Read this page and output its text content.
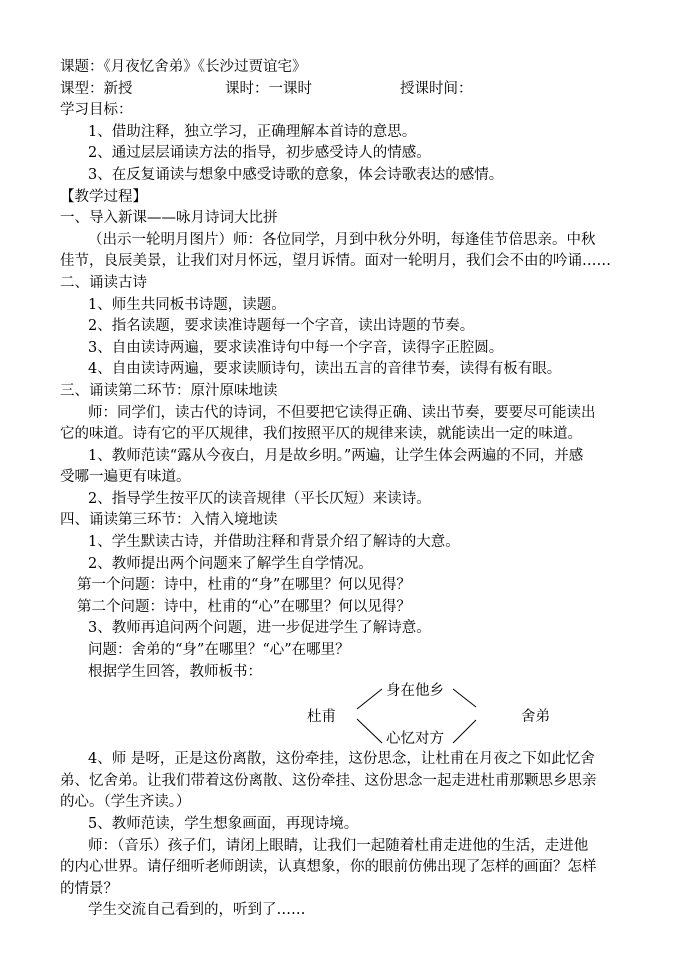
课题：《月夜忆舍弟》《长沙过贾谊宅》
课型：新授	课时：一课时	授课时间：
学习目标：
1、借助注释，独立学习，正确理解本首诗的意思。
2、通过层层诵读方法的指导，初步感受诗人的情感。
3、在反复诵读与想象中感受诗歌的意象，体会诗歌表达的感情。
【教学过程】
一、导入新课——咏月诗词大比拼
（出示一轮明月图片）师：各位同学，月到中秋分外明，每逢佳节倍思亲。中秋
佳节，良辰美景，让我们对月怀远，望月诉情。面对一轮明月，我们会不由的吟诵……
二、诵读古诗
1、师生共同板书诗题，读题。
2、指名读题，要求读准诗题每一个字音，读出诗题的节奏。
3、自由读诗两遍，要求读准诗句中每一个字音，读得字正腔圆。
4、自由读诗两遍，要求读顺诗句，读出五言的音律节奏，读得有板有眼。
三、诵读第二环节：原汁原味地读
师：同学们，读古代的诗词，不但要把它读得正确、读出节奏，要要尽可能读出
它的味道。诗有它的平仄规律，我们按照平仄的规律来读，就能读出一定的味道。
1、教师范读“露从今夜白，月是故乡明。”两遍，让学生体会两遍的不同，并感
受哪一遍更有味道。
2、指导学生按平仄的读音规律（平长仄短）来读诗。
四、诵读第三环节：入情入境地读
1、学生默读古诗，并借助注释和背景介绍了解诗的大意。
2、教师提出两个问题来了解学生自学情况。
第一个问题：诗中，杜甫的“身”在哪里？何以见得？
第二个问题：诗中，杜甫的“心”在哪里？何以见得？
3、教师再追问两个问题，进一步促进学生了解诗意。
问题：舍弟的“身”在哪里？“心”在哪里？
根据学生回答，教师板书：
杜甫
身在他乡
心忆对方
舍弟
4、师 是呀，正是这份离散，这份牵挂，这份思念，让杜甫在月夜之下如此忆舍
弟、忆舍弟。让我们带着这份离散、这份牵挂、这份思念一起走进杜甫那颗思乡思亲
的心。（学生齐读。）
5、教师范读，学生想象画面，再现诗境。
师：（音乐）孩子们，请闭上眼睛，让我们一起随着杜甫走进他的生活，走进他
的内心世界。请仔细听老师朗读，认真想象，你的眼前仿佛出现了怎样的画面？怎样
的情景？
学生交流自己看到的，听到了……
